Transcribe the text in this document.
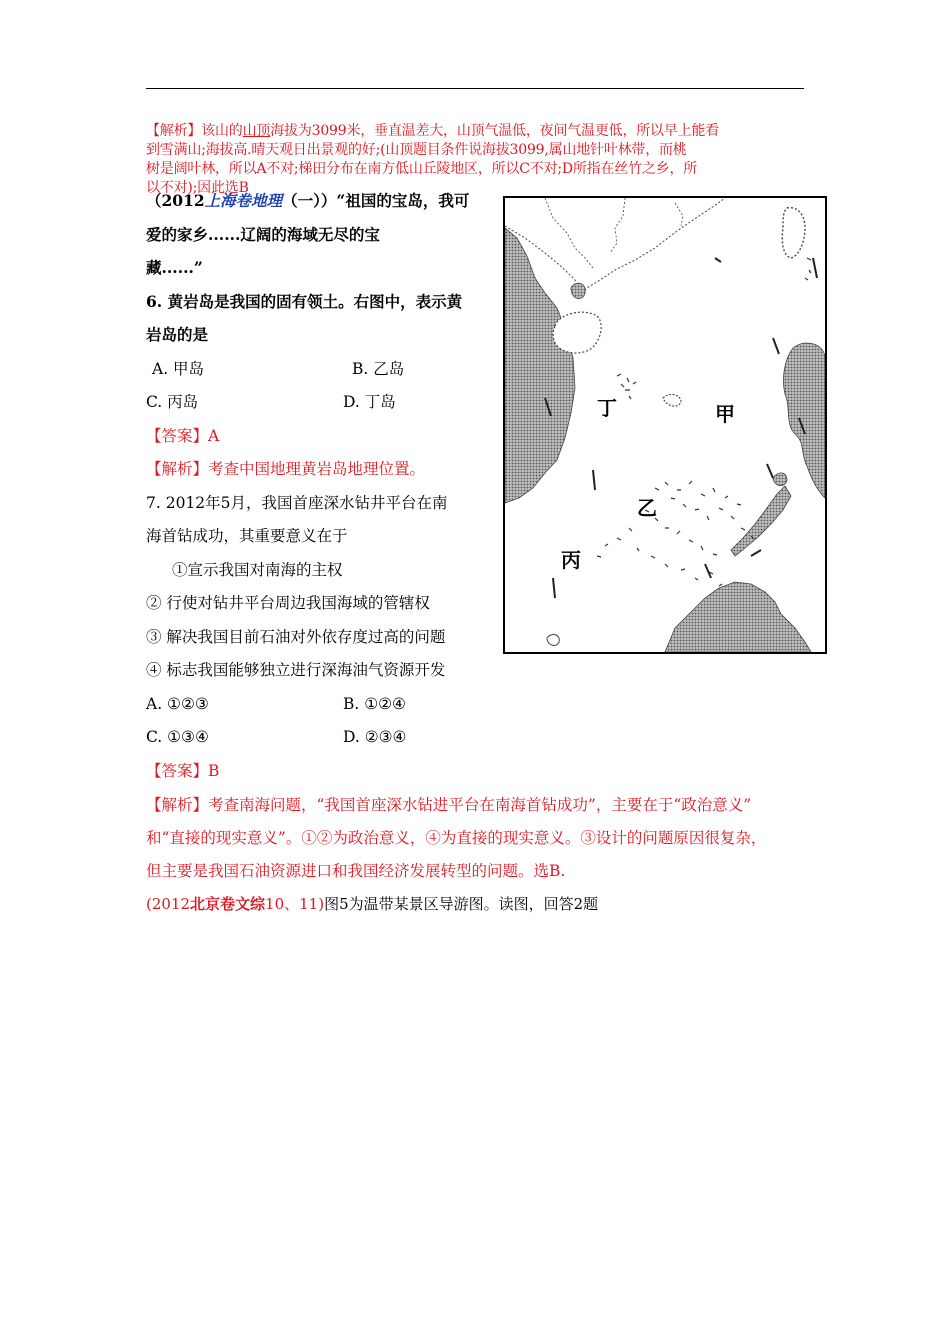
【解析】该山的山顶海拔为3099米，垂直温差大，山顶气温低，夜间气温更低，所以早上能看
到雪满山;海拔高.晴天观日出景观的好;(山顶题目条件说海拔3099,属山地针叶林带，而桃
树是阔叶林，所以A不对;梯田分布在南方低山丘陵地区，所以C不对;D所指在丝竹之乡，所
以不对);因此选B
（2012上海卷地理（一））“祖国的宝岛，我可
爱的家乡......辽阔的海域无尽的宝
藏......”
6. 黄岩岛是我国的固有领土。右图中，表示黄
岩岛的是
A. 甲岛	B. 乙岛
C. 丙岛	D. 丁岛
【答案】A
【解析】考查中国地理黄岩岛地理位置。
7. 2012年5月，我国首座深水钻井平台在南
海首钻成功，其重要意义在于
①宣示我国对南海的主权
② 行使对钻井平台周边我国海域的管辖权
③ 解决我国目前石油对外依存度过高的问题
④ 标志我国能够独立进行深海油气资源开发
A. ①②③	B. ①②④
C. ①③④	D. ②③④
【答案】B
【解析】考查南海问题，“我国首座深水钻进平台在南海首钻成功”，主要在于“政治意义”
和“直接的现实意义”。①②为政治意义，④为直接的现实意义。③设计的问题原因很复杂，
但主要是我国石油资源进口和我国经济发展转型的问题。选B.
(2012北京卷文综10、11)图5为温带某景区导游图。读图，回答2题
丁	甲
乙
丙
